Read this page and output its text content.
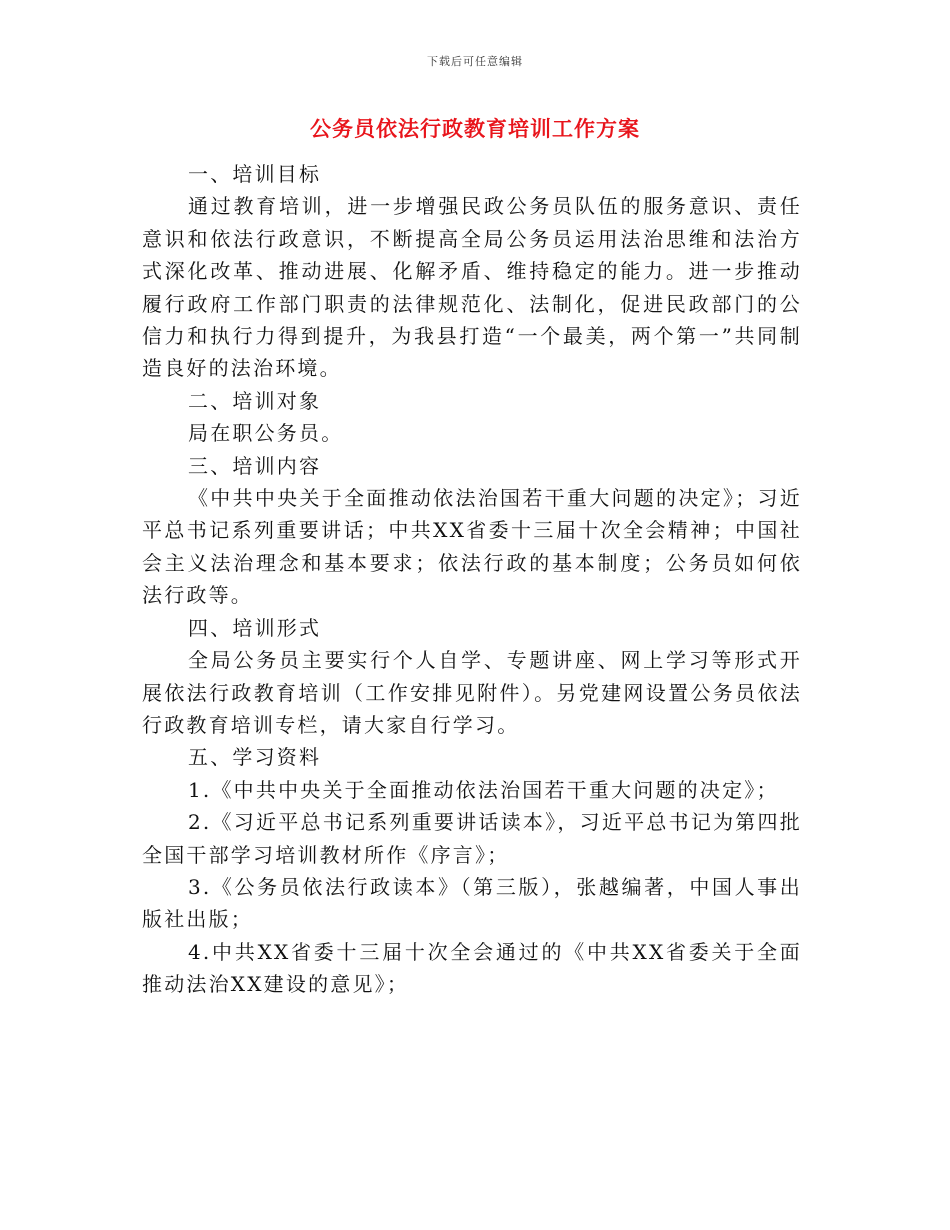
下载后可任意编辑
公务员依法行政教育培训工作方案

一、培训目标

通过教育培训，进一步增强民政公务员队伍的服务意识、责任意识和依法行政意识，不断提高全局公务员运用法治思维和法治方式深化改革、推动进展、化解矛盾、维持稳定的能力。进一步推动履行政府工作部门职责的法律规范化、法制化，促进民政部门的公信力和执行力得到提升，为我县打造“一个最美，两个第一”共同制造良好的法治环境。

二、培训对象

局在职公务员。

三、培训内容

《中共中央关于全面推动依法治国若干重大问题的决定》；习近平总书记系列重要讲话；中共XX省委十三届十次全会精神；中国社会主义法治理念和基本要求；依法行政的基本制度；公务员如何依法行政等。

四、培训形式

全局公务员主要实行个人自学、专题讲座、网上学习等形式开展依法行政教育培训（工作安排见附件）。另党建网设置公务员依法行政教育培训专栏，请大家自行学习。

五、学习资料

1.《中共中央关于全面推动依法治国若干重大问题的决定》；

2.《习近平总书记系列重要讲话读本》，习近平总书记为第四批全国干部学习培训教材所作《序言》；

3.《公务员依法行政读本》（第三版），张越编著，中国人事出版社出版；

4.中共XX省委十三届十次全会通过的《中共XX省委关于全面推动法治XX建设的意见》；
